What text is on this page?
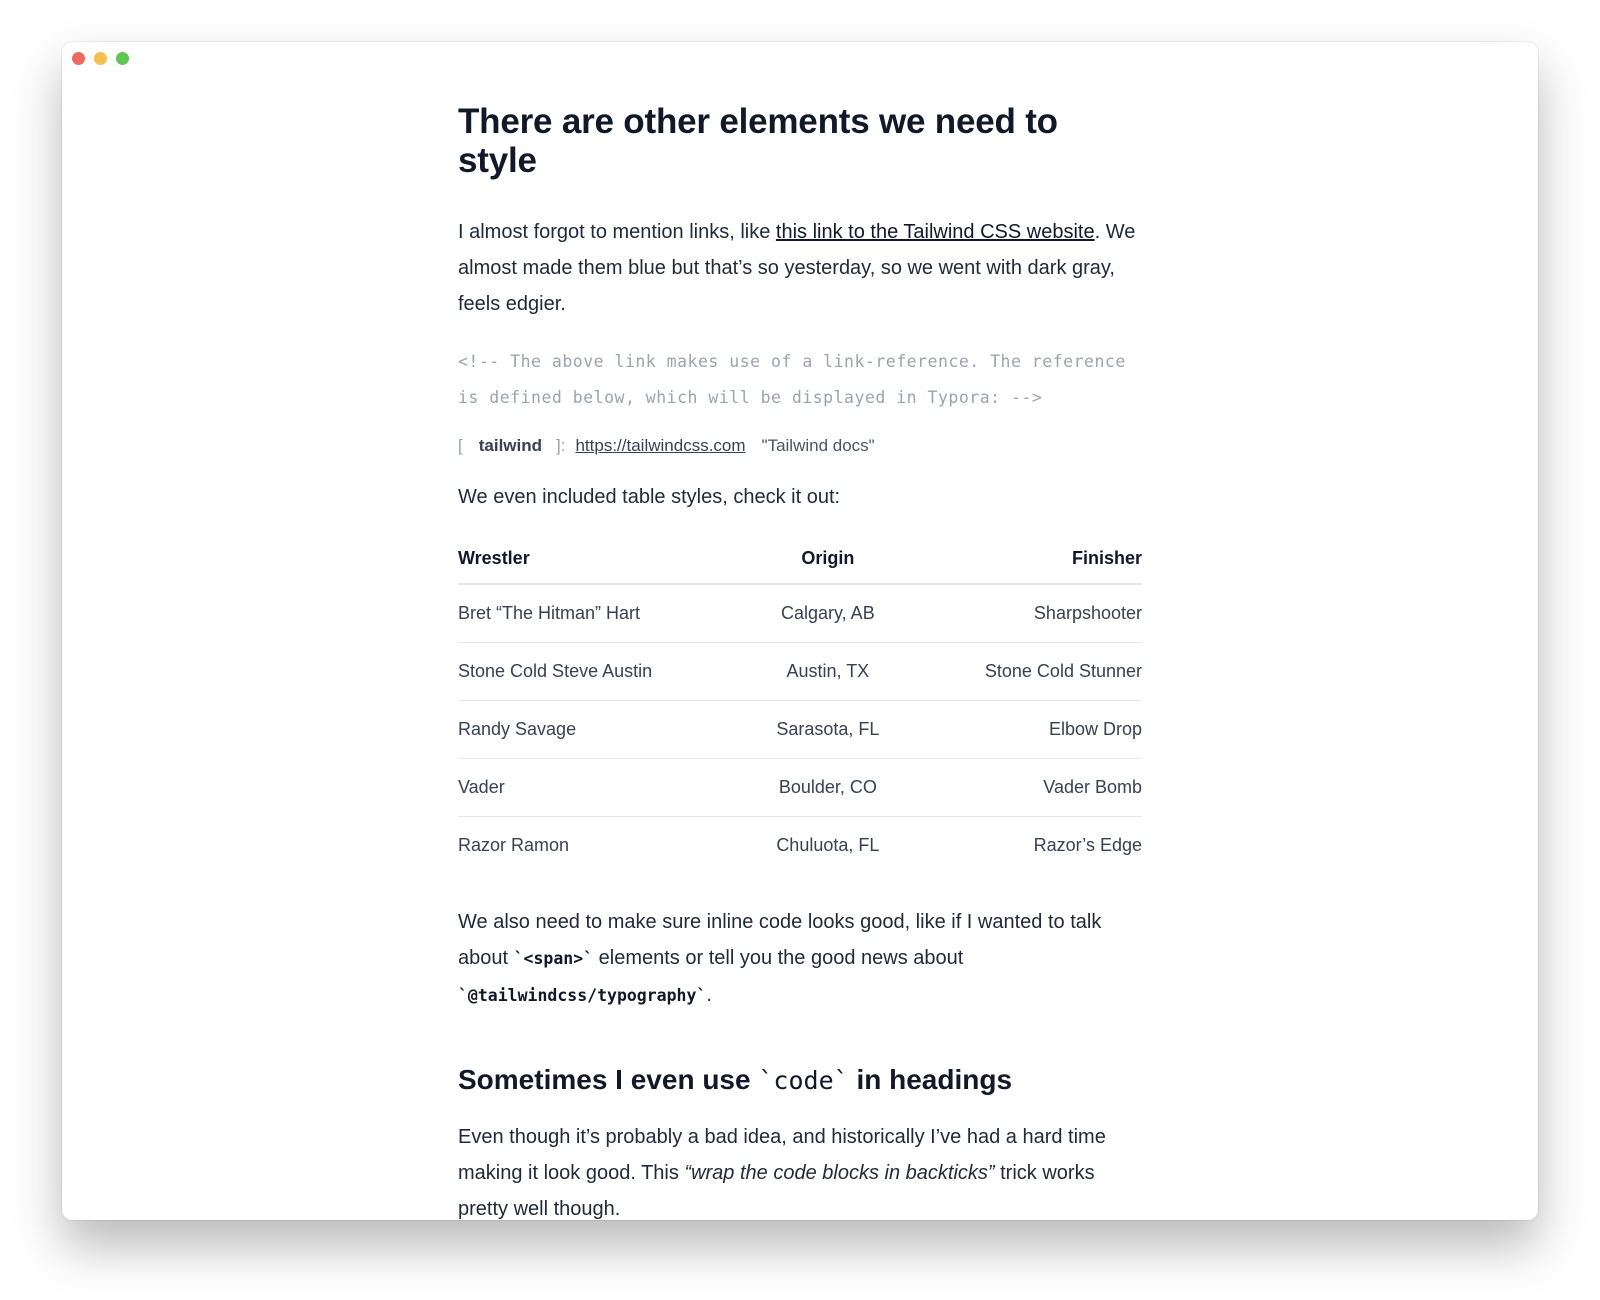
There are other elements we need to style

I almost forgot to mention links, like this link to the Tailwind CSS website. We almost made them blue but that’s so yesterday, so we went with dark gray, feels edgier.

<!-- The above link makes use of a link-reference. The reference is defined below, which will be displayed in Typora: -->
[ tailwind ]: https://tailwindcss.com "Tailwind docs"

We even included table styles, check it out:

Wrestler	Origin	Finisher
Bret “The Hitman” Hart	Calgary, AB	Sharpshooter
Stone Cold Steve Austin	Austin, TX	Stone Cold Stunner
Randy Savage	Sarasota, FL	Elbow Drop
Vader	Boulder, CO	Vader Bomb
Razor Ramon	Chuluota, FL	Razor’s Edge

We also need to make sure inline code looks good, like if I wanted to talk about `<span>` elements or tell you the good news about
`@tailwindcss/typography`.

Sometimes I even use `code` in headings

Even though it’s probably a bad idea, and historically I’ve had a hard time making it look good. This “wrap the code blocks in backticks” trick works pretty well though.
